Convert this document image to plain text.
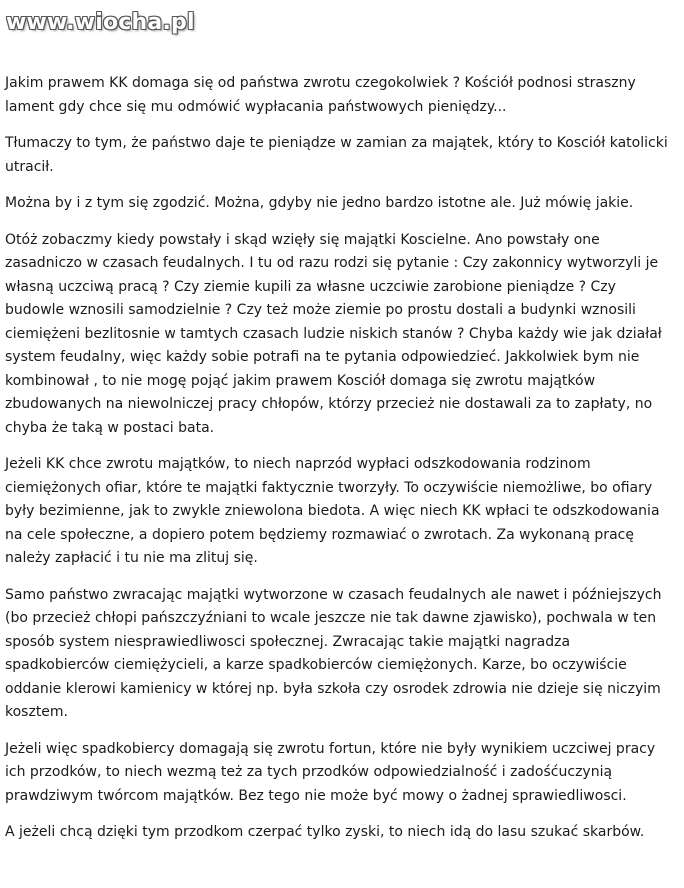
www.wiocha.pl

Jakim prawem KK domaga się od państwa zwrotu czegokolwiek ? Kościół podnosi straszny lament gdy chce się mu odmówić wypłacania państwowych pieniędzy...

Tłumaczy to tym, że państwo daje te pieniądze w zamian za majątek, który to Kosciół katolicki utracił.

Można by i z tym się zgodzić. Można, gdyby nie jedno bardzo istotne ale. Już mówię jakie.

Otóż zobaczmy kiedy powstały i skąd wzięły się majątki Koscielne. Ano powstały one zasadniczo w czasach feudalnych. I tu od razu rodzi się pytanie : Czy zakonnicy wytworzyli je własną uczciwą pracą ? Czy ziemie kupili za własne uczciwie zarobione pieniądze ? Czy budowle wznosili samodzielnie ? Czy też może ziemie po prostu dostali a budynki wznosili ciemiężeni bezlitosnie w tamtych czasach ludzie niskich stanów ? Chyba każdy wie jak działał system feudalny, więc każdy sobie potrafi na te pytania odpowiedzieć. Jakkolwiek bym nie kombinował , to nie mogę pojąć jakim prawem Kosciół domaga się zwrotu majątków zbudowanych na niewolniczej pracy chłopów, którzy przecież nie dostawali za to zapłaty, no chyba że taką w postaci bata.

Jeżeli KK chce zwrotu majątków, to niech naprzód wypłaci odszkodowania rodzinom ciemiężonych ofiar, które te majątki faktycznie tworzyły. To oczywiście niemożliwe, bo ofiary były bezimienne, jak to zwykle zniewolona biedota. A więc niech KK wpłaci te odszkodowania na cele społeczne, a dopiero potem będziemy rozmawiać o zwrotach. Za wykonaną pracę należy zapłacić i tu nie ma zlituj się.

Samo państwo zwracając majątki wytworzone w czasach feudalnych ale nawet i późniejszych (bo przecież chłopi pańszczyźniani to wcale jeszcze nie tak dawne zjawisko), pochwala w ten sposób system niesprawiedliwosci społecznej. Zwracając takie majątki nagradza spadkobierców ciemiężycieli, a karze spadkobierców ciemiężonych. Karze, bo oczywiście oddanie klerowi kamienicy w której np. była szkoła czy osrodek zdrowia nie dzieje się niczyim kosztem.

Jeżeli więc spadkobiercy domagają się zwrotu fortun, które nie były wynikiem uczciwej pracy ich przodków, to niech wezmą też za tych przodków odpowiedzialność i zadośćuczynią prawdziwym twórcom majątków. Bez tego nie może być mowy o żadnej sprawiedliwosci.

A jeżeli chcą dzięki tym przodkom czerpać tylko zyski, to niech idą do lasu szukać skarbów.
